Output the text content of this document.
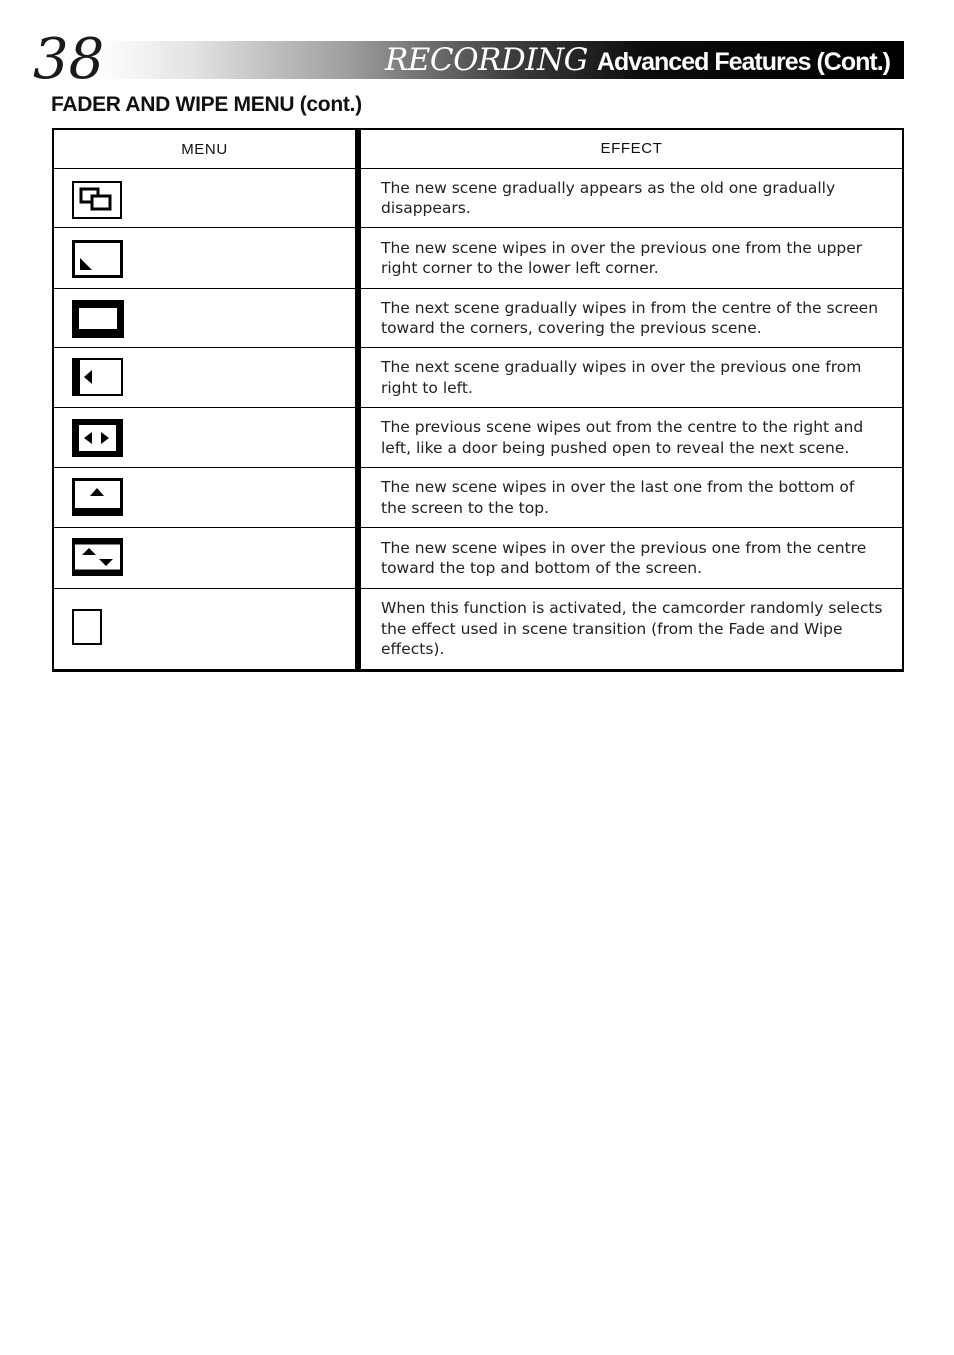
38	RECORDING Advanced Features (Cont.)
FADER AND WIPE MENU (cont.)
MENU	EFFECT
The new scene gradually appears as the old one gradually disappears.
The new scene wipes in over the previous one from the upper right corner to the lower left corner.
The next scene gradually wipes in from the centre of the screen toward the corners, covering the previous scene.
The next scene gradually wipes in over the previous one from right to left.
The previous scene wipes out from the centre to the right and left, like a door being pushed open to reveal the next scene.
The new scene wipes in over the last one from the bottom of the screen to the top.
The new scene wipes in over the previous one from the centre toward the top and bottom of the screen.
When this function is activated, the camcorder randomly selects the effect used in scene transition (from the Fade and Wipe effects).
